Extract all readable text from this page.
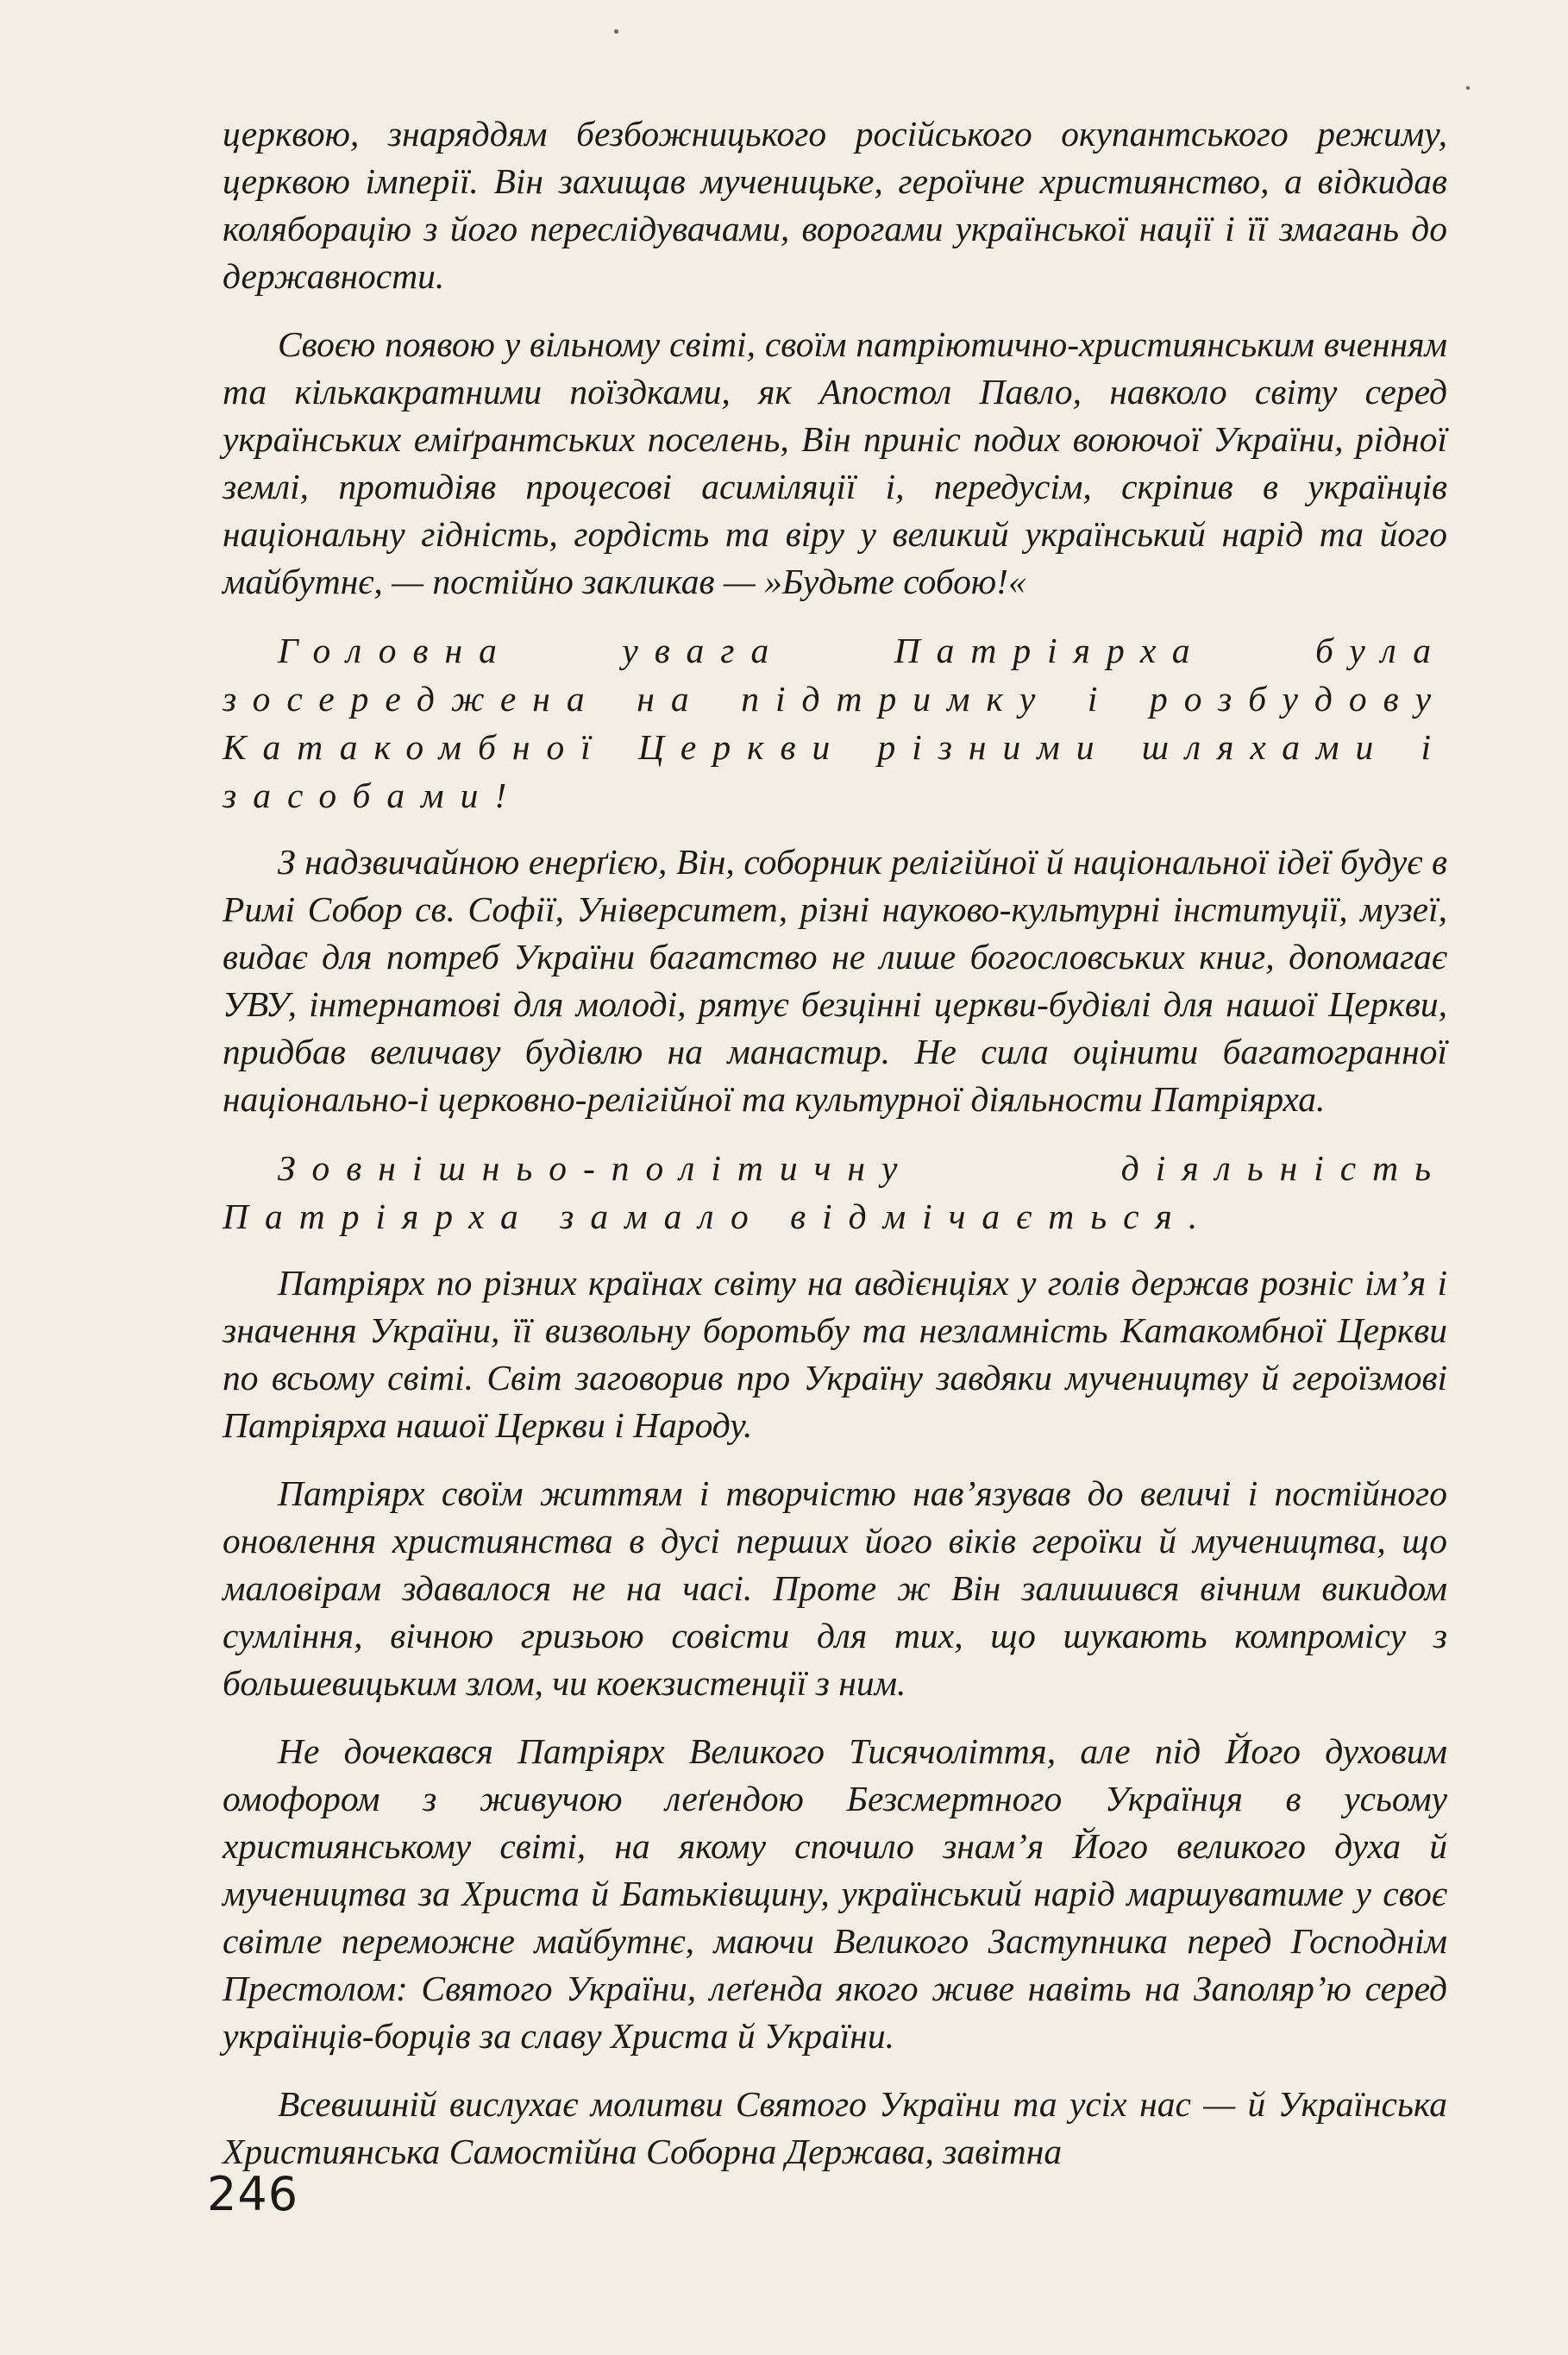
церквою, знаряддям безбожницького російського окупантського режиму, церквою імперії. Він захищав мученицьке, героїчне християнство, а відкидав коляборацію з його переслідувачами, ворогами української нації і її змагань до державности.

Своєю появою у вільному світі, своїм патріютично-християнським вченням та кількакратними поїздками, як Апостол Павло, навколо світу серед українських еміґрантських поселень, Він приніс подих воюючої України, рідної землі, протидіяв процесові асиміляції і, передусім, скріпив в українців національну гідність, гордість та віру у великий український нарід та його майбутнє, — постійно закликав — »Будьте собою!«

Головна увага Патріярха була зосереджена на підтримку і розбудову Катакомбної Церкви різними шляхами і засобами!

З надзвичайною енерґією, Він, соборник релігійної й національної ідеї будує в Римі Собор св. Софії, Університет, різні науково-культурні інституції, музеї, видає для потреб України багатство не лише богословських книг, допомагає УВУ, інтернатові для молоді, рятує безцінні церкви-будівлі для нашої Церкви, придбав величаву будівлю на манастир. Не сила оцінити багатогранної національно-і церковно-релігійної та культурної діяльности Патріярха.

Зовнішньо-політичну діяльність Патріярха замало відмічається.

Патріярх по різних країнах світу на авдієнціях у голів держав розніс ім’я і значення України, її визвольну боротьбу та незламність Катакомбної Церкви по всьому світі. Світ заговорив про Україну завдяки мучеництву й героїзмові Патріярха нашої Церкви і Народу.

Патріярх своїм життям і творчістю нав’язував до величі і постійного оновлення християнства в дусі перших його віків героїки й мучеництва, що маловірам здавалося не на часі. Проте ж Він залишився вічним викидом сумління, вічною гризьою совісти для тих, що шукають компромісу з большевицьким злом, чи коекзистенції з ним.

Не дочекався Патріярх Великого Тисячоліття, але під Його духовим омофором з живучою леґендою Безсмертного Українця в усьому християнському світі, на якому спочило знам’я Його великого духа й мучеництва за Христа й Батьківщину, український нарід маршуватиме у своє світле переможне майбутнє, маючи Великого Заступника перед Господнім Престолом: Святого України, леґенда якого живе навіть на Заполяр’ю серед українців-борців за славу Христа й України.

Всевишній вислухає молитви Святого України та усіх нас — й Українська Християнська Самостійна Соборна Держава, завітна

246
